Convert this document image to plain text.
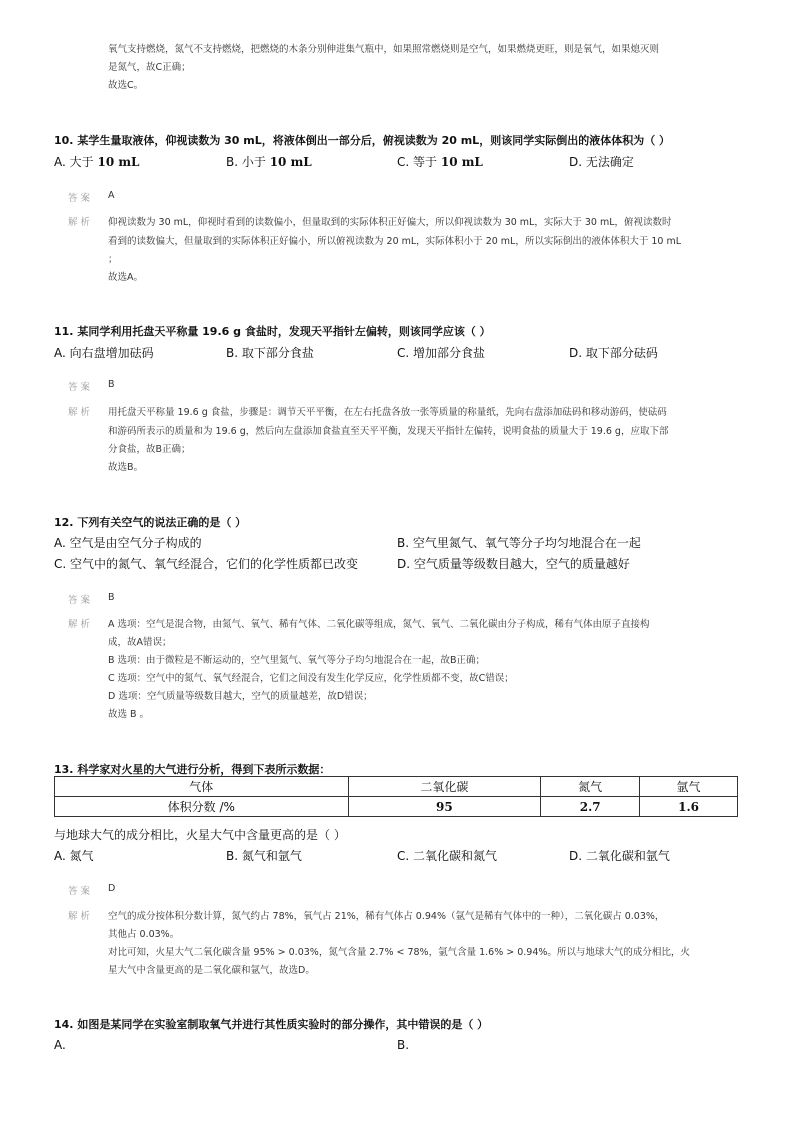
氧气支持燃烧，氮气不支持燃烧，把燃烧的木条分别伸进集气瓶中，如果照常燃烧则是空气，如果燃烧更旺，则是氧气，如果熄灭则
是氮气，故C正确；
故选C。
10. 某学生量取液体，仰视读数为 30 mL，将液体倒出一部分后，俯视读数为 20 mL，则该同学实际倒出的液体体积为（ ）
A. 大于 10 mL	B. 小于 10 mL	C. 等于 10 mL	D. 无法确定
答案 A
解析 仰视读数为 30 mL，仰视时看到的读数偏小，但量取到的实际体积正好偏大，所以仰视读数为 30 mL，实际大于 30 mL，俯视读数时
看到的读数偏大，但量取到的实际体积正好偏小，所以俯视读数为 20 mL，实际体积小于 20 mL，所以实际倒出的液体体积大于 10 mL
；
故选A。
11. 某同学利用托盘天平称量 19.6 g 食盐时，发现天平指针左偏转，则该同学应该（ ）
A. 向右盘增加砝码	B. 取下部分食盐	C. 增加部分食盐	D. 取下部分砝码
答案 B
解析 用托盘天平称量 19.6 g 食盐，步骤是：调节天平平衡，在左右托盘各放一张等质量的称量纸，先向右盘添加砝码和移动游码，使砝码
和游码所表示的质量和为 19.6 g，然后向左盘添加食盐直至天平平衡，发现天平指针左偏转，说明食盐的质量大于 19.6 g，应取下部
分食盐，故B正确；
故选B。
12. 下列有关空气的说法正确的是（ ）
A. 空气是由空气分子构成的	B. 空气里氮气、氧气等分子均匀地混合在一起
C. 空气中的氮气、氧气经混合，它们的化学性质都已改变	D. 空气质量等级数目越大，空气的质量越好
答案 B
解析 A 选项：空气是混合物，由氮气、氧气、稀有气体、二氧化碳等组成，氮气、氧气、二氧化碳由分子构成，稀有气体由原子直接构
成，故A错误；
B 选项：由于微粒是不断运动的，空气里氮气、氧气等分子均匀地混合在一起，故B正确；
C 选项：空气中的氮气、氧气经混合，它们之间没有发生化学反应，化学性质都不变，故C错误；
D 选项：空气质量等级数目越大，空气的质量越差，故D错误；
故选 B 。
13. 科学家对火星的大气进行分析，得到下表所示数据：
气体	二氧化碳	氮气	氩气
体积分数 /%	95	2.7	1.6
与地球大气的成分相比，火星大气中含量更高的是（ ）
A. 氮气	B. 氮气和氩气	C. 二氧化碳和氮气	D. 二氧化碳和氩气
答案 D
解析 空气的成分按体积分数计算，氮气约占 78%，氧气占 21%，稀有气体占 0.94%（氩气是稀有气体中的一种），二氧化碳占 0.03%，
其他占 0.03%。
对比可知，火星大气二氧化碳含量 95% > 0.03%，氮气含量 2.7% < 78%，氩气含量 1.6% > 0.94%。所以与地球大气的成分相比，火
星大气中含量更高的是二氧化碳和氩气，故选D。
14. 如图是某同学在实验室制取氧气并进行其性质实验时的部分操作，其中错误的是（ ）
A.	B.
